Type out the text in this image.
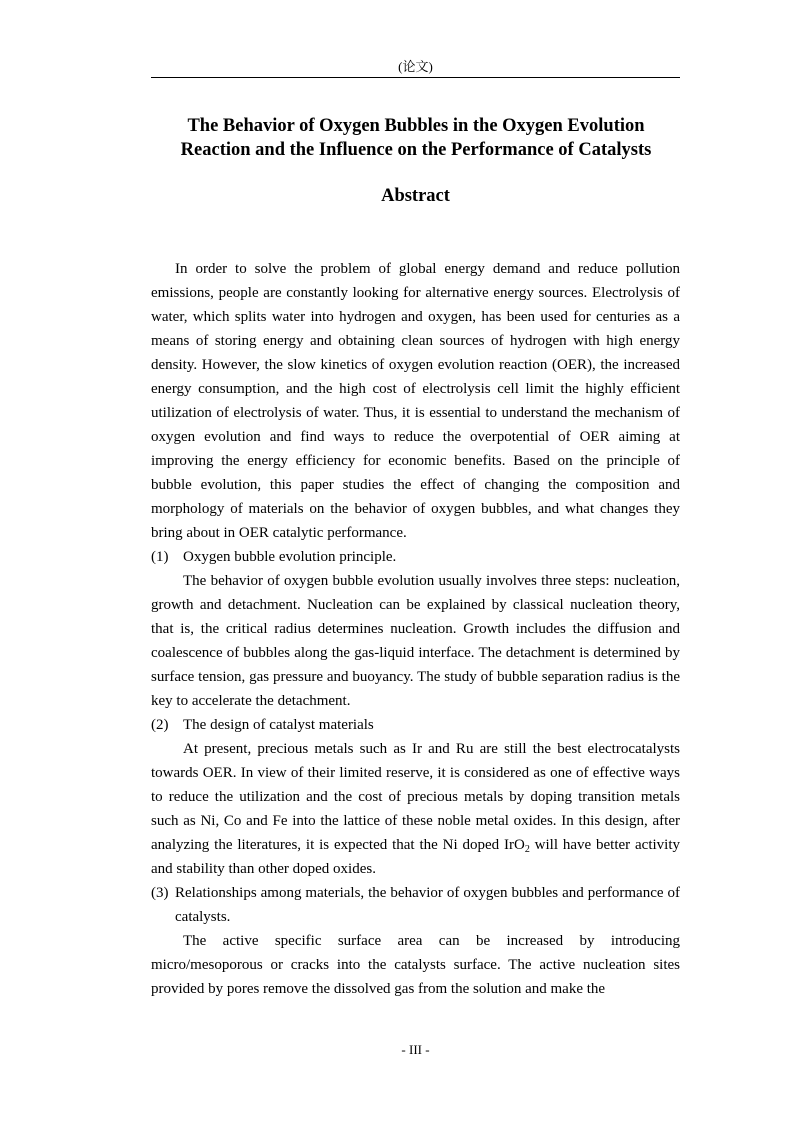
(论文)
The Behavior of Oxygen Bubbles in the Oxygen Evolution
Reaction and the Influence on the Performance of Catalysts
Abstract

In order to solve the problem of global energy demand and reduce pollution emissions, people are constantly looking for alternative energy sources. Electrolysis of water, which splits water into hydrogen and oxygen, has been used for centuries as a means of storing energy and obtaining clean sources of hydrogen with high energy density. However, the slow kinetics of oxygen evolution reaction (OER), the increased energy consumption, and the high cost of electrolysis cell limit the highly efficient utilization of electrolysis of water. Thus, it is essential to understand the mechanism of oxygen evolution and find ways to reduce the overpotential of OER aiming at improving the energy efficiency for economic benefits. Based on the principle of bubble evolution, this paper studies the effect of changing the composition and morphology of materials on the behavior of oxygen bubbles, and what changes they bring about in OER catalytic performance.

(1) Oxygen bubble evolution principle.

The behavior of oxygen bubble evolution usually involves three steps: nucleation, growth and detachment. Nucleation can be explained by classical nucleation theory, that is, the critical radius determines nucleation. Growth includes the diffusion and coalescence of bubbles along the gas-liquid interface. The detachment is determined by surface tension, gas pressure and buoyancy. The study of bubble separation radius is the key to accelerate the detachment.

(2) The design of catalyst materials

At present, precious metals such as Ir and Ru are still the best electrocatalysts towards OER. In view of their limited reserve, it is considered as one of effective ways to reduce the utilization and the cost of precious metals by doping transition metals such as Ni, Co and Fe into the lattice of these noble metal oxides. In this design, after analyzing the literatures, it is expected that the Ni doped IrO$_2$ will have better activity and stability than other doped oxides.

(3) Relationships among materials, the behavior of oxygen bubbles and performance of catalysts.

The active specific surface area can be increased by introducing micro/mesoporous or cracks into the catalysts surface. The active nucleation sites provided by pores remove the dissolved gas from the solution and make the

- III -
